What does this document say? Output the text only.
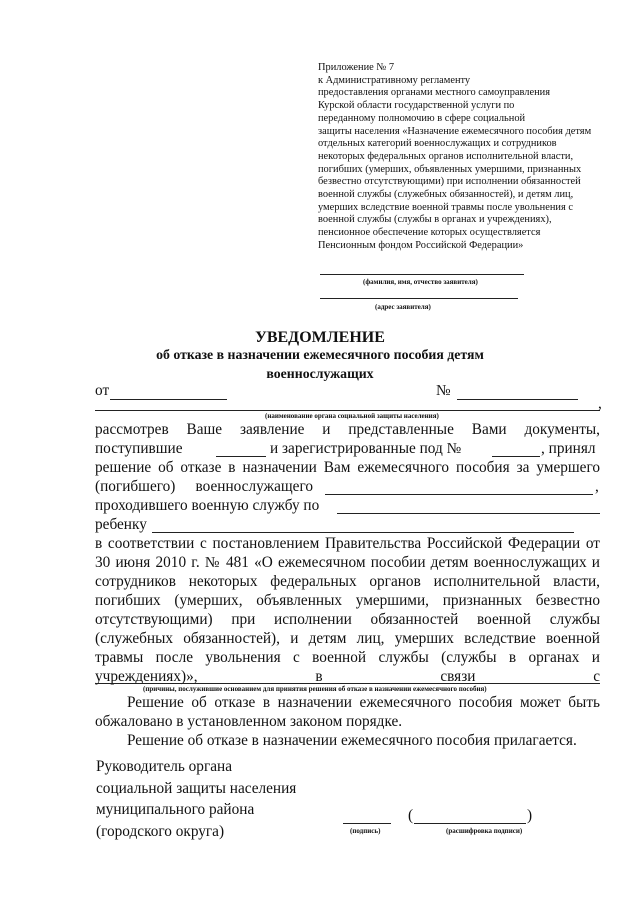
Приложение № 7
к Административному регламенту
предоставления органами местного самоуправления
Курской области государственной услуги по
переданному полномочию в сфере социальной
защиты населения «Назначение ежемесячного пособия детям
отдельных категорий военнослужащих и сотрудников
некоторых федеральных органов исполнительной власти,
погибших (умерших, объявленных умершими, признанных
безвестно отсутствующими) при исполнении обязанностей
военной службы (служебных обязанностей), и детям лиц,
умерших вследствие военной травмы после увольнения с
военной службы (службы в органах и учреждениях),
пенсионное обеспечение которых осуществляется
Пенсионным фондом Российской Федерации»
(фамилия, имя, отчество заявителя)
(адрес заявителя)
УВЕДОМЛЕНИЕ
об отказе в назначении ежемесячного пособия детям
военнослужащих
от	№
,
(наименование органа социальной защиты населения)
рассмотрев Ваше заявление и представленные Вами документы,
поступившие	и зарегистрированные под №	, принял
решение об отказе в назначении Вам ежемесячного пособия за умершего
(погибшего) военнослужащего	,
проходившего военную службу по
ребенку
в соответствии с постановлением Правительства Российской Федерации от
30 июня 2010 г. № 481 «О ежемесячном пособии детям военнослужащих и
сотрудников некоторых федеральных органов исполнительной власти,
погибших (умерших, объявленных умершими, признанных безвестно
отсутствующими) при исполнении обязанностей военной службы
(служебных обязанностей), и детям лиц, умерших вследствие военной
травмы после увольнения с военной службы (службы в органах и
учреждениях)», в связи с
(причины, послужившие основанием для принятия решения об отказе в назначении ежемесячного пособия)
Решение об отказе в назначении ежемесячного пособия может быть
обжаловано в установленном законом порядке.
Решение об отказе в назначении ежемесячного пособия прилагается.
Руководитель органа
социальной защиты населения
муниципального района
(городского округа)	(подпись)
(	)
(расшифровка подписи)
